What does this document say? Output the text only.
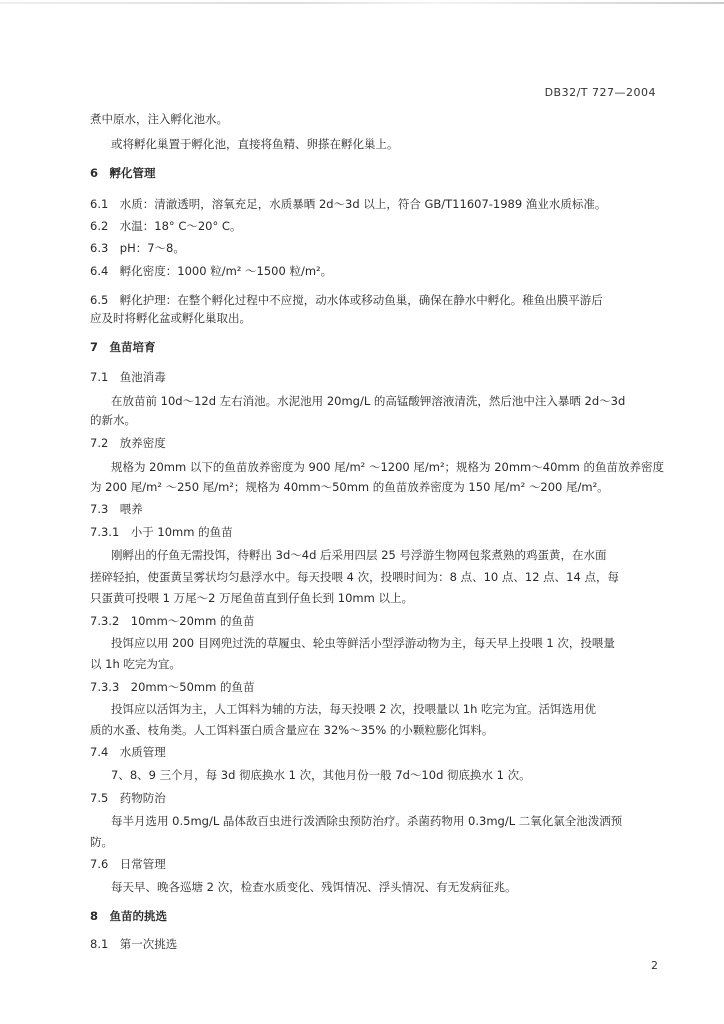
DB32/T 727—2004
煮中原水，注入孵化池水。
或将孵化巢置于孵化池，直接将鱼精、卵搽在孵化巢上。
6　孵化管理
6.1　水质：清澈透明，溶氧充足，水质暴晒 2d～3d 以上，符合 GB/T11607-1989 渔业水质标准。
6.2　水温：18° C～20° C。
6.3　pH：7～8。
6.4　孵化密度：1000 粒/m² ～1500 粒/m²。
6.5　孵化护理：在整个孵化过程中不应搅，动水体或移动鱼巢，确保在静水中孵化。稚鱼出膜平游后
应及时将孵化盆或孵化巢取出。
7　鱼苗培育
7.1　鱼池消毒
在放苗前 10d～12d 左右消池。水泥池用 20mg/L 的高锰酸钾溶液清洗，然后池中注入暴晒 2d～3d
的新水。
7.2　放养密度
规格为 20mm 以下的鱼苗放养密度为 900 尾/m² ～1200 尾/m²；规格为 20mm～40mm 的鱼苗放养密度
为 200 尾/m² ～250 尾/m²；规格为 40mm～50mm 的鱼苗放养密度为 150 尾/m² ～200 尾/m²。
7.3　喂养
7.3.1　小于 10mm 的鱼苗
刚孵出的仔鱼无需投饵，待孵出 3d～4d 后采用四层 25 号浮游生物网包浆煮熟的鸡蛋黄，在水面
搓碎轻拍，使蛋黄呈雾状均匀悬浮水中。每天投喂 4 次，投喂时间为：8 点、10 点、12 点、14 点，每
只蛋黄可投喂 1 万尾～2 万尾鱼苗直到仔鱼长到 10mm 以上。
7.3.2　10mm～20mm 的鱼苗
投饵应以用 200 目网兜过洗的草履虫、轮虫等鲜活小型浮游动物为主，每天早上投喂 1 次，投喂量
以 1h 吃完为宜。
7.3.3　20mm～50mm 的鱼苗
投饵应以活饵为主，人工饵料为辅的方法，每天投喂 2 次，投喂量以 1h 吃完为宜。活饵选用优
质的水蚤、枝角类。人工饵料蛋白质含量应在 32%～35% 的小颗粒膨化饵料。
7.4　水质管理
7、8、9 三个月，每 3d 彻底换水 1 次，其他月份一般 7d～10d 彻底换水 1 次。
7.5　药物防治
每半月选用 0.5mg/L 晶体敌百虫进行泼洒除虫预防治疗。杀菌药物用 0.3mg/L 二氧化氯全池泼洒预
防。
7.6　日常管理
每天早、晚各巡塘 2 次，检查水质变化、残饵情况、浮头情况、有无发病征兆。
8　鱼苗的挑选
8.1　第一次挑选
2
